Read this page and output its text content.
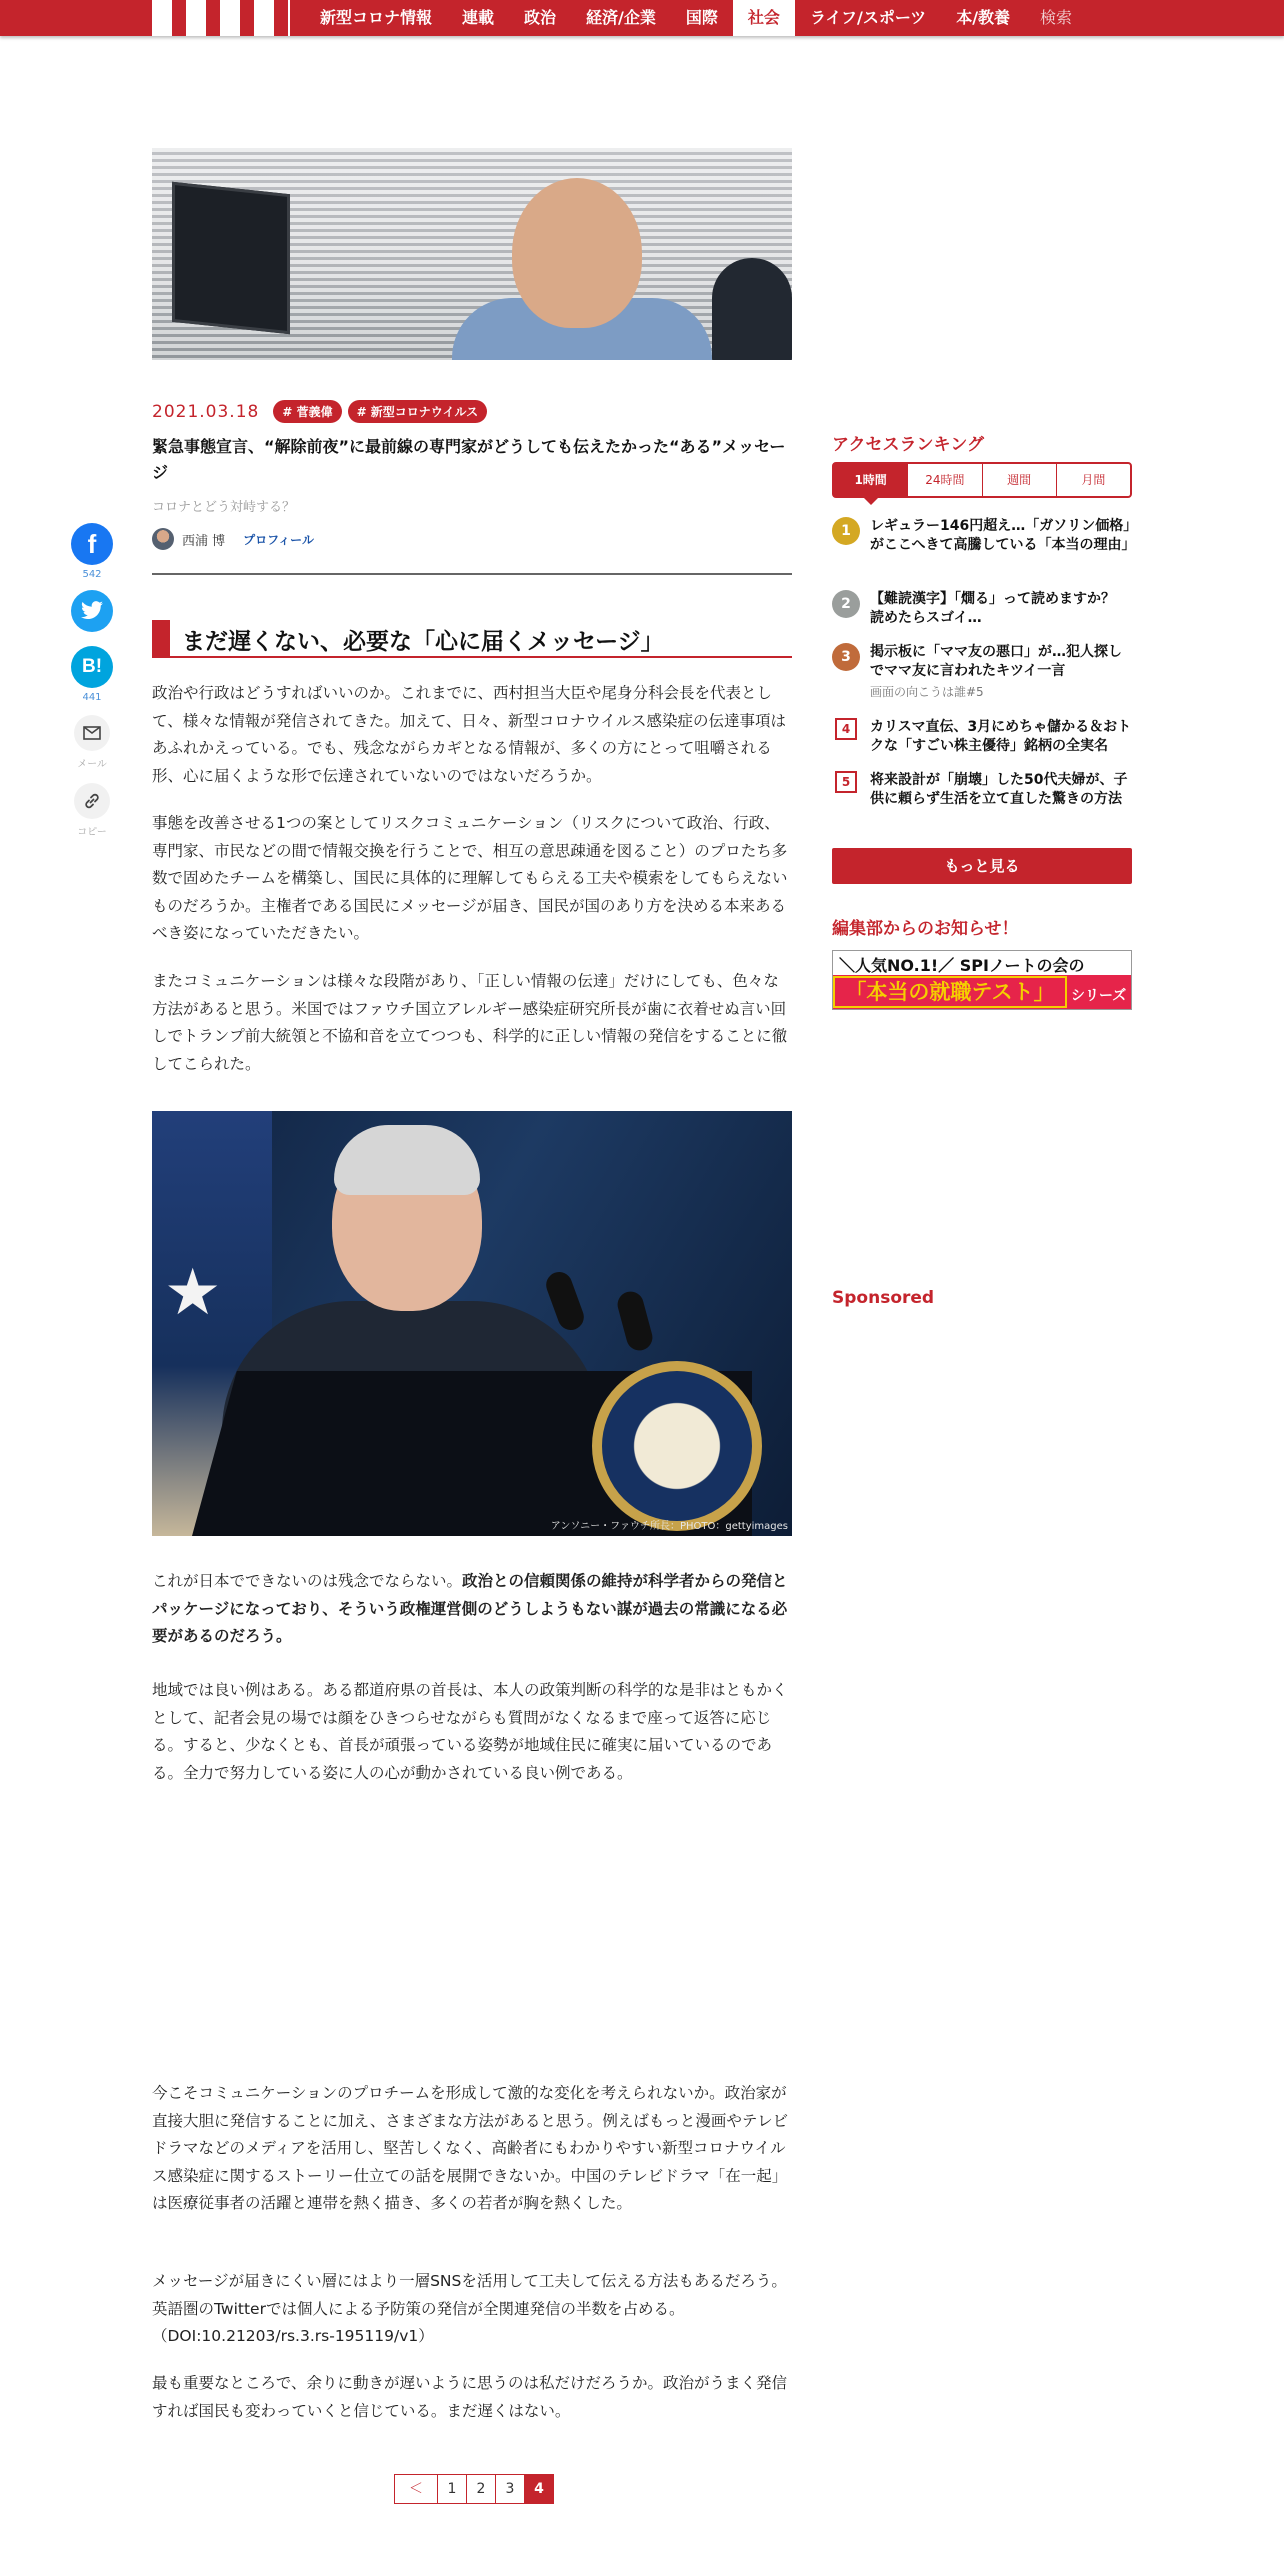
新型コロナ情報	連載	政治	経済/企業	国際	社会	ライフ/スポーツ	本/教養	検索
2021.03.18	# 菅義偉	# 新型コロナウイルス
緊急事態宣言、“解除前夜”に最前線の専門家がどうしても伝えたかった“ある”メッセージ
コロナとどう対峙する？
西浦 博 プロフィール
まだ遅くない、必要な「心に届くメッセージ」

政治や行政はどうすればいいのか。これまでに、西村担当大臣や尾身分科会長を代表として、様々な情報が発信されてきた。加えて、日々、新型コロナウイルス感染症の伝達事項はあふれかえっている。でも、残念ながらカギとなる情報が、多くの方にとって咀嚼される形、心に届くような形で伝達されていないのではないだろうか。

事態を改善させる1つの案としてリスクコミュニケーション（リスクについて政治、行政、専門家、市民などの間で情報交換を行うことで、相互の意思疎通を図ること）のプロたち多数で固めたチームを構築し、国民に具体的に理解してもらえる工夫や模索をしてもらえないものだろうか。主権者である国民にメッセージが届き、国民が国のあり方を決める本来あるべき姿になっていただきたい。

またコミュニケーションは様々な段階があり、「正しい情報の伝達」だけにしても、色々な方法があると思う。米国ではファウチ国立アレルギー感染症研究所長が歯に衣着せぬ言い回しでトランプ前大統領と不協和音を立てつつも、科学的に正しい情報の発信をすることに徹してこられた。

★
アンソニー・ファウチ所長：PHOTO：gettyimages

これが日本でできないのは残念でならない。政治との信頼関係の維持が科学者からの発信とパッケージになっており、そういう政権運営側のどうしようもない謀が過去の常識になる必要があるのだろう。

地域では良い例はある。ある都道府県の首長は、本人の政策判断の科学的な是非はともかくとして、記者会見の場では顔をひきつらせながらも質問がなくなるまで座って返答に応じる。すると、少なくとも、首長が頑張っている姿勢が地域住民に確実に届いているのである。全力で努力している姿に人の心が動かされている良い例である。

今こそコミュニケーションのプロチームを形成して激的な変化を考えられないか。政治家が直接大胆に発信することに加え、さまざまな方法があると思う。例えばもっと漫画やテレビドラマなどのメディアを活用し、堅苦しくなく、高齢者にもわかりやすい新型コロナウイルス感染症に関するストーリー仕立ての話を展開できないか。中国のテレビドラマ「在一起」は医療従事者の活躍と連帯を熱く描き、多くの若者が胸を熱くした。

メッセージが届きにくい層にはより一層SNSを活用して工夫して伝える方法もあるだろう。英語圏のTwitterでは個人による予防策の発信が全関連発信の半数を占める。（DOI:10.21203/rs.3.rs-195119/v1）

最も重要なところで、余りに動きが遅いように思うのは私だけだろうか。政治がうまく発信すれば国民も変わっていくと信じている。まだ遅くはない。

＜	1	2	3	4
f
542
B!
441
メール
コピー
アクセスランキング
1時間	24時間	週間	月間
1	レギュラー146円超え…「ガソリン価格」がここへきて高騰している「本当の理由」
2	【難読漢字】「燗る」って読めますか？　読めたらスゴイ…
3	掲示板に「ママ友の悪口」が…犯人探しでママ友に言われたキツイ一言
画面の向こうは誰#5
4	カリスマ直伝、3月にめちゃ儲かる＆おトクな「すごい株主優待」銘柄の全実名
5	将来設計が「崩壊」した50代夫婦が、子供に頼らず生活を立て直した驚きの方法
もっと見る
編集部からのお知らせ！
＼人気NO.1!／ SPIノートの会の
「本当の就職テスト」	シリーズ
Sponsored
